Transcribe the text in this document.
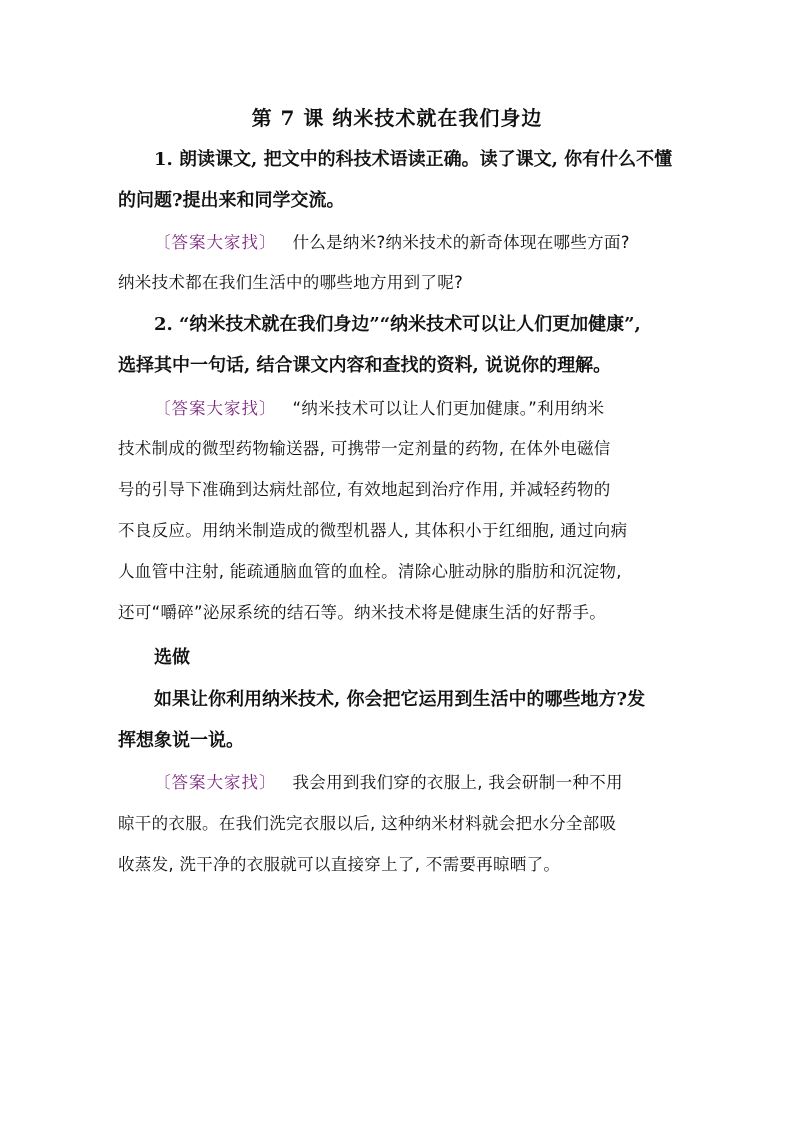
第 7 课 纳米技术就在我们身边
1. 朗读课文, 把文中的科技术语读正确。读了课文, 你有什么不懂
的问题?提出来和同学交流。
〔答案大家找〕 什么是纳米?纳米技术的新奇体现在哪些方面?
纳米技术都在我们生活中的哪些地方用到了呢?
2. “纳米技术就在我们身边”“纳米技术可以让人们更加健康”,
选择其中一句话, 结合课文内容和查找的资料, 说说你的理解。
〔答案大家找〕 “纳米技术可以让人们更加健康。”利用纳米
技术制成的微型药物输送器, 可携带一定剂量的药物, 在体外电磁信
号的引导下准确到达病灶部位, 有效地起到治疗作用, 并减轻药物的
不良反应。用纳米制造成的微型机器人, 其体积小于红细胞, 通过向病
人血管中注射, 能疏通脑血管的血栓。清除心脏动脉的脂肪和沉淀物,
还可“嚼碎”泌尿系统的结石等。纳米技术将是健康生活的好帮手。
选做
如果让你利用纳米技术, 你会把它运用到生活中的哪些地方?发
挥想象说一说。
〔答案大家找〕 我会用到我们穿的衣服上, 我会研制一种不用
晾干的衣服。在我们洗完衣服以后, 这种纳米材料就会把水分全部吸
收蒸发, 洗干净的衣服就可以直接穿上了, 不需要再晾晒了。
